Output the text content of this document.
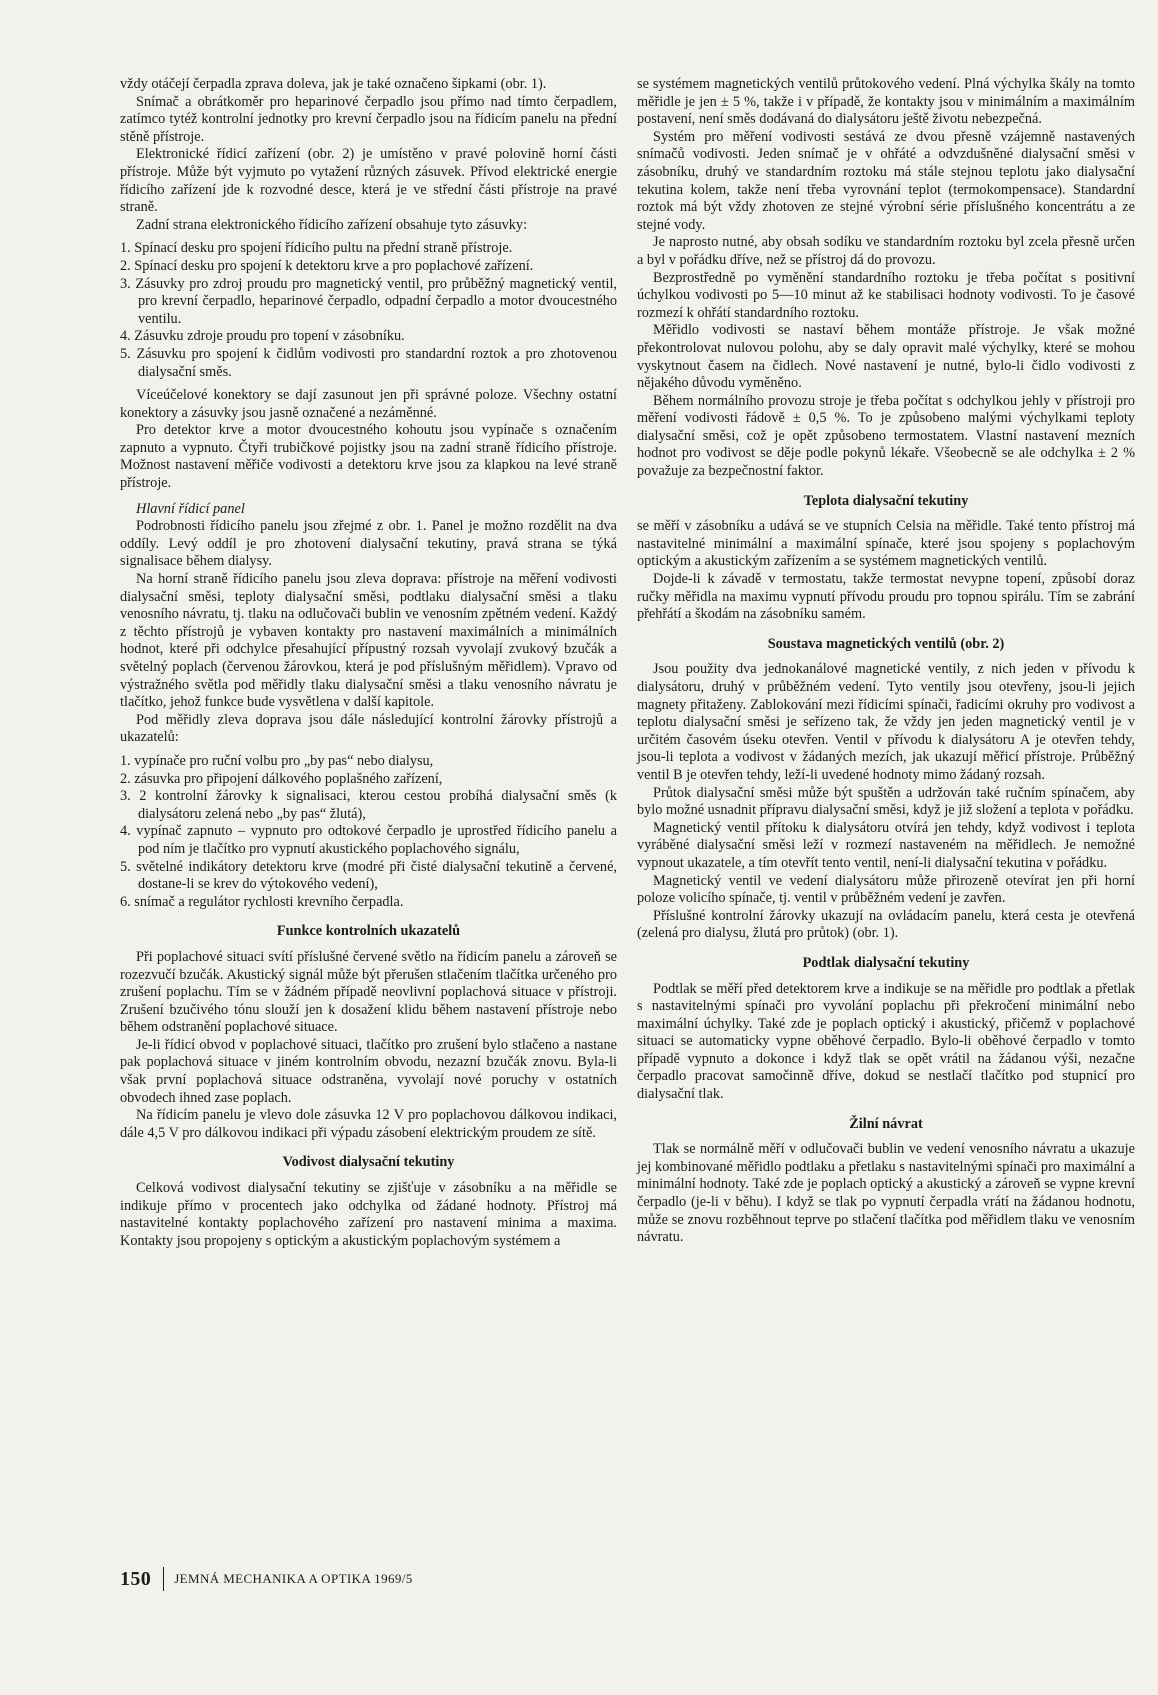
vždy otáčejí čerpadla zprava doleva, jak je také označeno šipkami (obr. 1).

Snímač a obrátkoměr pro heparinové čerpadlo jsou přímo nad tímto čerpadlem, zatímco tytéž kontrolní jednotky pro krevní čerpadlo jsou na řídicím panelu na přední stěně přístroje.

Elektronické řídicí zařízení (obr. 2) je umístěno v pravé polovině horní části přístroje. Může být vyjmuto po vytažení různých zásuvek. Přívod elektrické energie řídicího zařízení jde k rozvodné desce, která je ve střední části přístroje na pravé straně.

Zadní strana elektronického řídicího zařízení obsahuje tyto zásuvky:

1. Spínací desku pro spojení řídicího pultu na přední straně přístroje.
2. Spínací desku pro spojení k detektoru krve a pro poplachové zařízení.
3. Zásuvky pro zdroj proudu pro magnetický ventil, pro průběžný magnetický ventil, pro krevní čerpadlo, heparinové čerpadlo, odpadní čerpadlo a motor dvoucestného ventilu.
4. Zásuvku zdroje proudu pro topení v zásobníku.
5. Zásuvku pro spojení k čidlům vodivosti pro standardní roztok a pro zhotovenou dialysační směs.

Víceúčelové konektory se dají zasunout jen při správné poloze. Všechny ostatní konektory a zásuvky jsou jasně označené a nezáměnné.

Pro detektor krve a motor dvoucestného kohoutu jsou vypínače s označením zapnuto a vypnuto. Čtyři trubičkové pojistky jsou na zadní straně řídicího přístroje. Možnost nastavení měřiče vodivosti a detektoru krve jsou za klapkou na levé straně přístroje.

Hlavní řídicí panel

Podrobnosti řídicího panelu jsou zřejmé z obr. 1. Panel je možno rozdělit na dva oddíly. Levý oddíl je pro zhotovení dialysační tekutiny, pravá strana se týká signalisace během dialysy.

Na horní straně řídicího panelu jsou zleva doprava: přístroje na měření vodivosti dialysační směsi, teploty dialysační směsi, podtlaku dialysační směsi a tlaku venosního návratu, tj. tlaku na odlučovači bublin ve venosním zpětném vedení. Každý z těchto přístrojů je vybaven kontakty pro nastavení maximálních a minimálních hodnot, které při odchylce přesahující přípustný rozsah vyvolají zvukový bzučák a světelný poplach (červenou žárovkou, která je pod příslušným měřidlem). Vpravo od výstražného světla pod měřidly tlaku dialysační směsi a tlaku venosního návratu je tlačítko, jehož funkce bude vysvětlena v další kapitole.

Pod měřidly zleva doprava jsou dále následující kontrolní žárovky přístrojů a ukazatelů:

1. vypínače pro ruční volbu pro „by pas“ nebo dialysu,
2. zásuvka pro připojení dálkového poplašného zařízení,
3. 2 kontrolní žárovky k signalisaci, kterou cestou probíhá dialysační směs (k dialysátoru zelená nebo „by pas“ žlutá),
4. vypínač zapnuto – vypnuto pro odtokové čerpadlo je uprostřed řídicího panelu a pod ním je tlačítko pro vypnutí akustického poplachového signálu,
5. světelné indikátory detektoru krve (modré při čisté dialysační tekutině a červené, dostane-li se krev do výtokového vedení),
6. snímač a regulátor rychlosti krevního čerpadla.
Funkce kontrolních ukazatelů

Při poplachové situaci svítí příslušné červené světlo na řídicím panelu a zároveň se rozezvučí bzučák. Akustický signál může být přerušen stlačením tlačítka určeného pro zrušení poplachu. Tím se v žádném případě neovlivní poplachová situace v přístroji. Zrušení bzučivého tónu slouží jen k dosažení klidu během nastavení přístroje nebo během odstranění poplachové situace.

Je-li řídicí obvod v poplachové situaci, tlačítko pro zrušení bylo stlačeno a nastane pak poplachová situace v jiném kontrolním obvodu, nezazní bzučák znovu. Byla-li však první poplachová situace odstraněna, vyvolají nové poruchy v ostatních obvodech ihned zase poplach.

Na řídicím panelu je vlevo dole zásuvka 12 V pro poplachovou dálkovou indikaci, dále 4,5 V pro dálkovou indikaci při výpadu zásobení elektrickým proudem ze sítě.

Vodivost dialysační tekutiny

Celková vodivost dialysační tekutiny se zjišťuje v zásobníku a na měřidle se indikuje přímo v procentech jako odchylka od žádané hodnoty. Přístroj má nastavitelné kontakty poplachového zařízení pro nastavení minima a maxima. Kontakty jsou propojeny s optickým a akustickým poplachovým systémem a

se systémem magnetických ventilů průtokového vedení. Plná výchylka škály na tomto měřidle je jen ± 5 %, takže i v případě, že kontakty jsou v minimálním a maximálním postavení, není směs dodávaná do dialysátoru ještě životu nebezpečná.

Systém pro měření vodivosti sestává ze dvou přesně vzájemně nastavených snímačů vodivosti. Jeden snímač je v ohřáté a odvzdušněné dialysační směsi v zásobníku, druhý ve standardním roztoku má stále stejnou teplotu jako dialysační tekutina kolem, takže není třeba vyrovnání teplot (termokompensace). Standardní roztok má být vždy zhotoven ze stejné výrobní série příslušného koncentrátu a ze stejné vody.

Je naprosto nutné, aby obsah sodíku ve standardním roztoku byl zcela přesně určen a byl v pořádku dříve, než se přístroj dá do provozu.

Bezprostředně po vyměnění standardního roztoku je třeba počítat s positivní úchylkou vodivosti po 5—10 minut až ke stabilisaci hodnoty vodivosti. To je časové rozmezí k ohřátí standardního roztoku.

Měřidlo vodivosti se nastaví během montáže přístroje. Je však možné překontrolovat nulovou polohu, aby se daly opravit malé výchylky, které se mohou vyskytnout časem na čidlech. Nové nastavení je nutné, bylo-li čidlo vodivosti z nějakého důvodu vyměněno.

Během normálního provozu stroje je třeba počítat s odchylkou jehly v přístroji pro měření vodivosti řádově ± 0,5 %. To je způsobeno malými výchylkami teploty dialysační směsi, což je opět způsobeno termostatem. Vlastní nastavení mezních hodnot pro vodivost se děje podle pokynů lékaře. Všeobecně se ale odchylka ± 2 % považuje za bezpečnostní faktor.

Teplota dialysační tekutiny

se měří v zásobníku a udává se ve stupních Celsia na měřidle. Také tento přístroj má nastavitelné minimální a maximální spínače, které jsou spojeny s poplachovým optickým a akustickým zařízením a se systémem magnetických ventilů.

Dojde-li k závadě v termostatu, takže termostat nevypne topení, způsobí doraz ručky měřidla na maximu vypnutí přívodu proudu pro topnou spirálu. Tím se zabrání přehřátí a škodám na zásobníku samém.

Soustava magnetických ventilů (obr. 2)

Jsou použity dva jednokanálové magnetické ventily, z nich jeden v přívodu k dialysátoru, druhý v průběžném vedení. Tyto ventily jsou otevřeny, jsou-li jejich magnety přitaženy. Zablokování mezi řídicími spínači, řadicími okruhy pro vodivost a teplotu dialysační směsi je seřízeno tak, že vždy jen jeden magnetický ventil je v určitém časovém úseku otevřen. Ventil v přívodu k dialysátoru A je otevřen tehdy, jsou-li teplota a vodivost v žádaných mezích, jak ukazují měřicí přístroje. Průběžný ventil B je otevřen tehdy, leží-li uvedené hodnoty mimo žádaný rozsah.

Průtok dialysační směsi může být spuštěn a udržován také ručním spínačem, aby bylo možné usnadnit přípravu dialysační směsi, když je již složení a teplota v pořádku.

Magnetický ventil přítoku k dialysátoru otvírá jen tehdy, když vodivost i teplota vyráběné dialysační směsi leží v rozmezí nastaveném na měřidlech. Je nemožné vypnout ukazatele, a tím otevřít tento ventil, není-li dialysační tekutina v pořádku.

Magnetický ventil ve vedení dialysátoru může přirozeně otevírat jen při horní poloze volicího spínače, tj. ventil v průběžném vedení je zavřen.

Příslušné kontrolní žárovky ukazují na ovládacím panelu, která cesta je otevřená (zelená pro dialysu, žlutá pro průtok) (obr. 1).

Podtlak dialysační tekutiny

Podtlak se měří před detektorem krve a indikuje se na měřidle pro podtlak a přetlak s nastavitelnými spínači pro vyvolání poplachu při překročení minimální nebo maximální úchylky. Také zde je poplach optický i akustický, přičemž v poplachové situaci se automaticky vypne oběhové čerpadlo. Bylo-li oběhové čerpadlo v tomto případě vypnuto a dokonce i když tlak se opět vrátil na žádanou výši, nezačne čerpadlo pracovat samočinně dříve, dokud se nestlačí tlačítko pod stupnicí pro dialysační tlak.

Žilní návrat

Tlak se normálně měří v odlučovači bublin ve vedení venosního návratu a ukazuje jej kombinované měřidlo podtlaku a přetlaku s nastavitelnými spínači pro maximální a minimální hodnoty. Také zde je poplach optický a akustický a zároveň se vypne krevní čerpadlo (je-li v běhu). I když se tlak po vypnutí čerpadla vrátí na žádanou hodnotu, může se znovu rozběhnout teprve po stlačení tlačítka pod měřidlem tlaku ve venosním návratu.

150 JEMNÁ MECHANIKA A OPTIKA 1969/5
